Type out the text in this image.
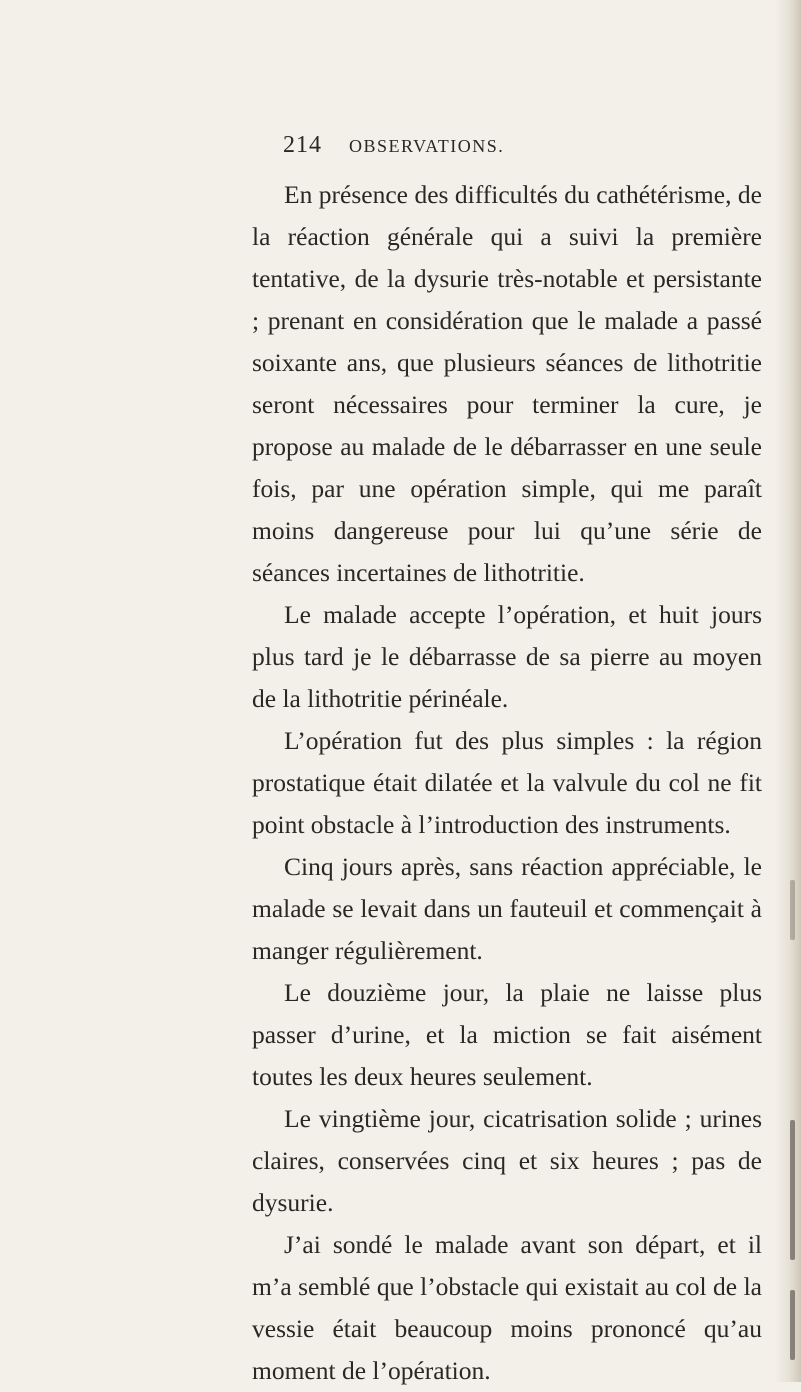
214 OBSERVATIONS.

En présence des difficultés du cathétérisme, de la réaction générale qui a suivi la première tentative, de la dysurie très-notable et persistante ; prenant en considération que le malade a passé soixante ans, que plusieurs séances de lithotritie seront nécessaires pour terminer la cure, je propose au malade de le débarrasser en une seule fois, par une opération simple, qui me paraît moins dangereuse pour lui qu’une série de séances incertaines de lithotritie.

Le malade accepte l’opération, et huit jours plus tard je le débarrasse de sa pierre au moyen de la lithotritie périnéale.

L’opération fut des plus simples : la région prostatique était dilatée et la valvule du col ne fit point obstacle à l’introduction des instruments.

Cinq jours après, sans réaction appréciable, le malade se levait dans un fauteuil et commençait à manger régulièrement.

Le douzième jour, la plaie ne laisse plus passer d’urine, et la miction se fait aisément toutes les deux heures seulement.

Le vingtième jour, cicatrisation solide ; urines claires, conservées cinq et six heures ; pas de dysurie.

J’ai sondé le malade avant son départ, et il m’a semblé que l’obstacle qui existait au col de la vessie était beaucoup moins prononcé qu’au moment de l’opération.
